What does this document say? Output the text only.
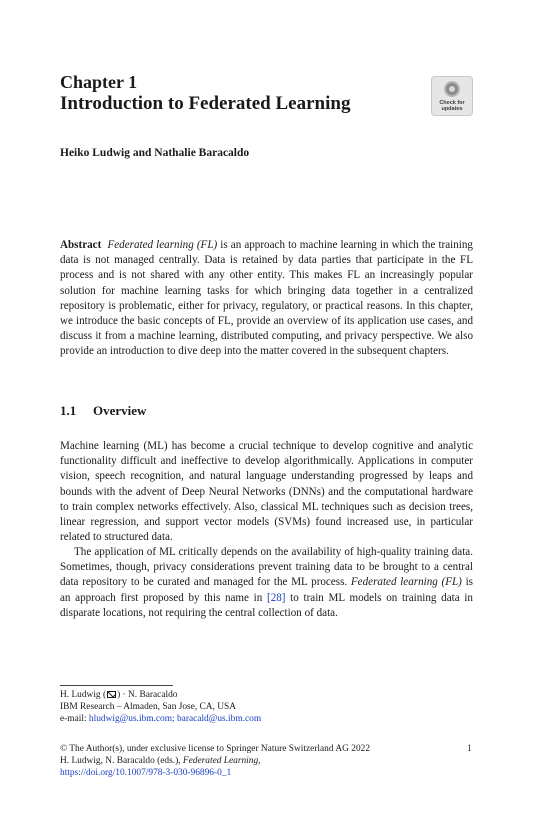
Chapter 1
Introduction to Federated Learning	Check for
updates
Heiko Ludwig and Nathalie Baracaldo

Abstract Federated learning (FL) is an approach to machine learning in which the training data is not managed centrally. Data is retained by data parties that participate in the FL process and is not shared with any other entity. This makes FL an increasingly popular solution for machine learning tasks for which bringing data together in a centralized repository is problematic, either for privacy, regulatory, or practical reasons. In this chapter, we introduce the basic concepts of FL, provide an overview of its application use cases, and discuss it from a machine learning, distributed computing, and privacy perspective. We also provide an introduction to dive deep into the matter covered in the subsequent chapters.

1.1 Overview

Machine learning (ML) has become a crucial technique to develop cognitive and analytic functionality difficult and ineffective to develop algorithmically. Applications in computer vision, speech recognition, and natural language understanding progressed by leaps and bounds with the advent of Deep Neural Networks (DNNs) and the computational hardware to train complex networks effectively. Also, classical ML techniques such as decision trees, linear regression, and support vector models (SVMs) found increased use, in particular related to structured data.

The application of ML critically depends on the availability of high-quality training data. Sometimes, though, privacy considerations prevent training data to be brought to a central data repository to be curated and managed for the ML process. Federated learning (FL) is an approach first proposed by this name in [28] to train ML models on training data in disparate locations, not requiring the central collection of data.

H. Ludwig ( ) · N. Baracaldo
IBM Research – Almaden, San Jose, CA, USA
e-mail: hludwig@us.ibm.com; baracald@us.ibm.com
© The Author(s), under exclusive license to Springer Nature Switzerland AG 2022	1
H. Ludwig, N. Baracaldo (eds.), Federated Learning,
https://doi.org/10.1007/978-3-030-96896-0_1
